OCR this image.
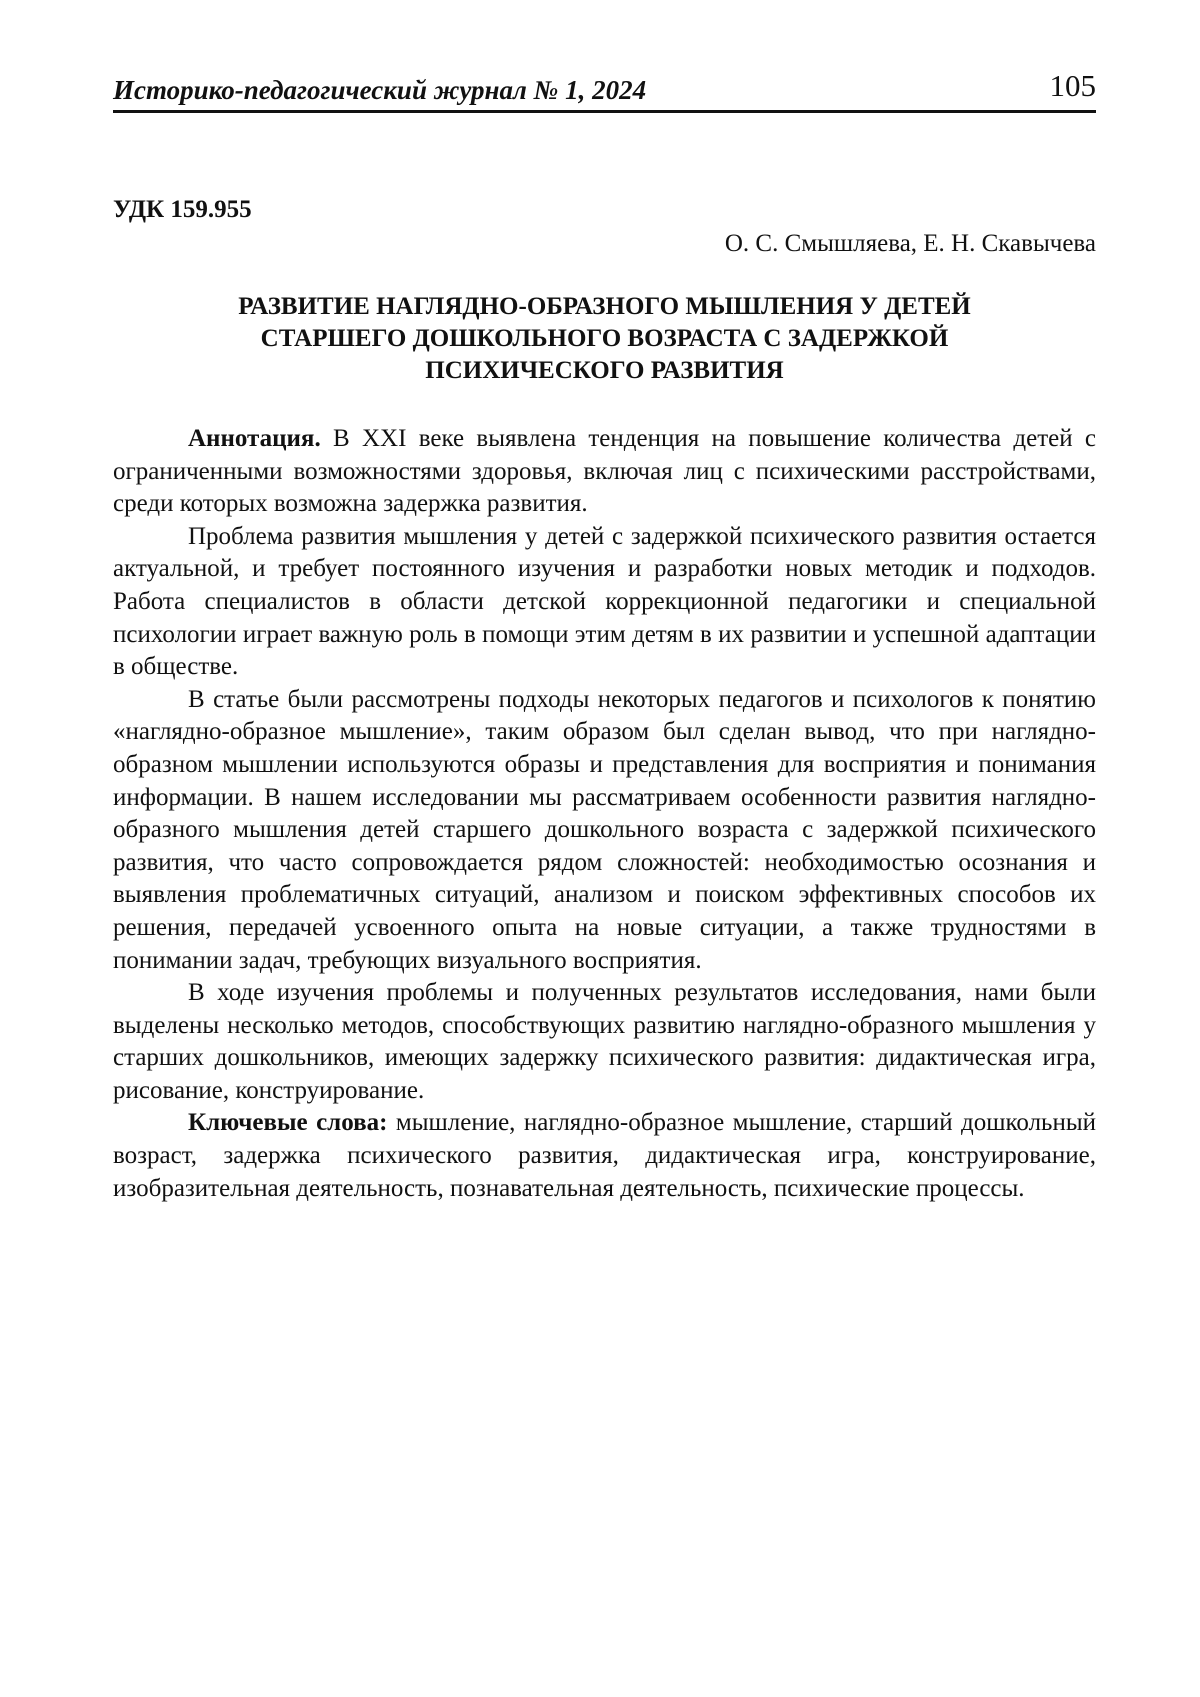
Историко-педагогический журнал № 1, 2024	105
УДК 159.955
О. С. Смышляева, Е. Н. Скавычева
РАЗВИТИЕ НАГЛЯДНО-ОБРАЗНОГО МЫШЛЕНИЯ У ДЕТЕЙ
СТАРШЕГО ДОШКОЛЬНОГО ВОЗРАСТА С ЗАДЕРЖКОЙ
ПСИХИЧЕСКОГО РАЗВИТИЯ

Аннотация. В XXI веке выявлена тенденция на повышение количества детей с ограниченными возможностями здоровья, включая лиц с психическими расстройствами, среди которых возможна задержка развития.

Проблема развития мышления у детей с задержкой психического развития остается актуальной, и требует постоянного изучения и разработки новых методик и подходов. Работа специалистов в области детской коррекционной педагогики и специальной психологии играет важную роль в помощи этим детям в их развитии и успешной адаптации в обществе.

В статье были рассмотрены подходы некоторых педагогов и психологов к понятию «наглядно-образное мышление», таким образом был сделан вывод, что при наглядно-образном мышлении используются образы и представления для восприятия и понимания информации. В нашем исследовании мы рассматриваем особенности развития наглядно-образного мышления детей старшего дошкольного возраста с задержкой психического развития, что часто сопровождается рядом сложностей: необходимостью осознания и выявления проблематичных ситуаций, анализом и поиском эффективных способов их решения, передачей усвоенного опыта на новые ситуации, а также трудностями в понимании задач, требующих визуального восприятия.

В ходе изучения проблемы и полученных результатов исследования, нами были выделены несколько методов, способствующих развитию наглядно-образного мышления у старших дошкольников, имеющих задержку психического развития: дидактическая игра, рисование, конструирование.

Ключевые слова: мышление, наглядно-образное мышление, старший дошкольный возраст, задержка психического развития, дидактическая игра, конструирование, изобразительная деятельность, познавательная деятельность, психические процессы.
